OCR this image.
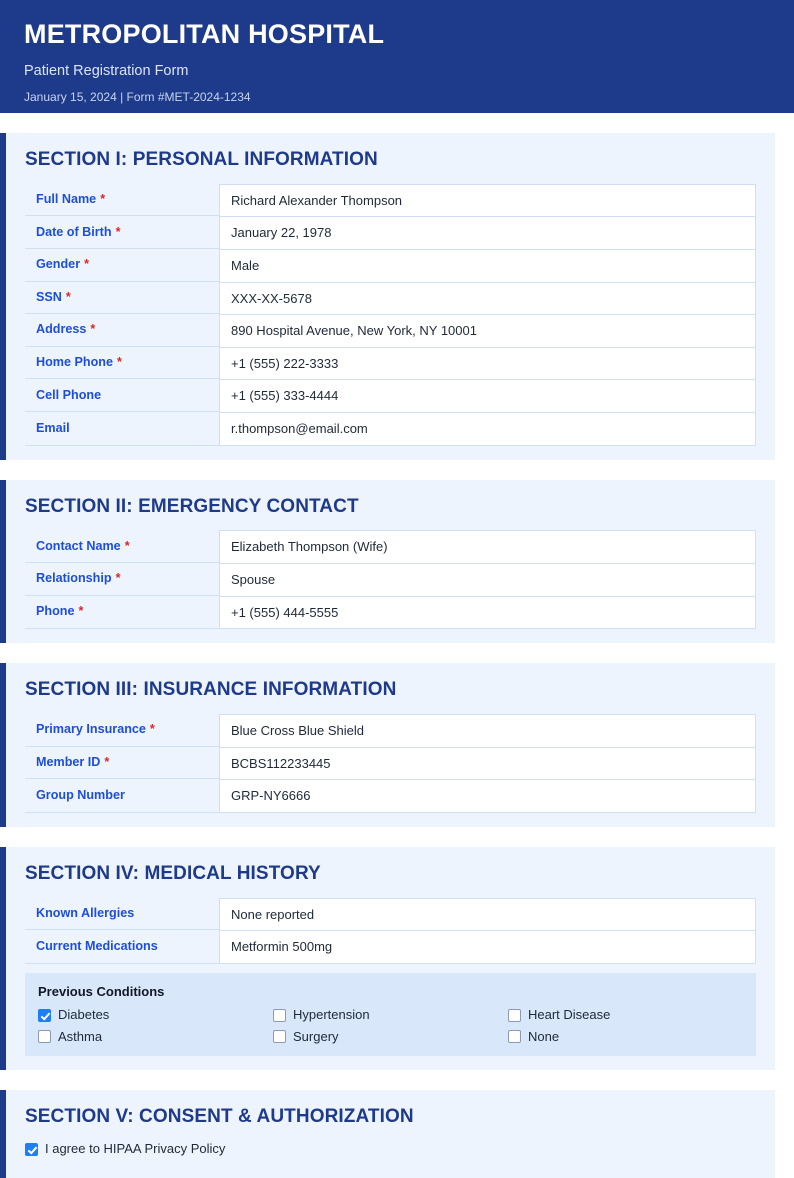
METROPOLITAN HOSPITAL
Patient Registration Form
January 15, 2024 | Form #MET-2024-1234
SECTION I: PERSONAL INFORMATION
Full Name *	Richard Alexander Thompson
Date of Birth *	January 22, 1978
Gender *	Male
SSN *	XXX-XX-5678
Address *	890 Hospital Avenue, New York, NY 10001
Home Phone *	+1 (555) 222-3333
Cell Phone	+1 (555) 333-4444
Email	r.thompson@email.com
SECTION II: EMERGENCY CONTACT
Contact Name *	Elizabeth Thompson (Wife)
Relationship *	Spouse
Phone *	+1 (555) 444-5555
SECTION III: INSURANCE INFORMATION
Primary Insurance *	Blue Cross Blue Shield
Member ID *	BCBS112233445
Group Number	GRP-NY6666
SECTION IV: MEDICAL HISTORY
Known Allergies	None reported
Current Medications	Metformin 500mg
Previous Conditions
Diabetes	Hypertension	Heart Disease
Asthma	Surgery	None
SECTION V: CONSENT & AUTHORIZATION
I agree to HIPAA Privacy Policy
